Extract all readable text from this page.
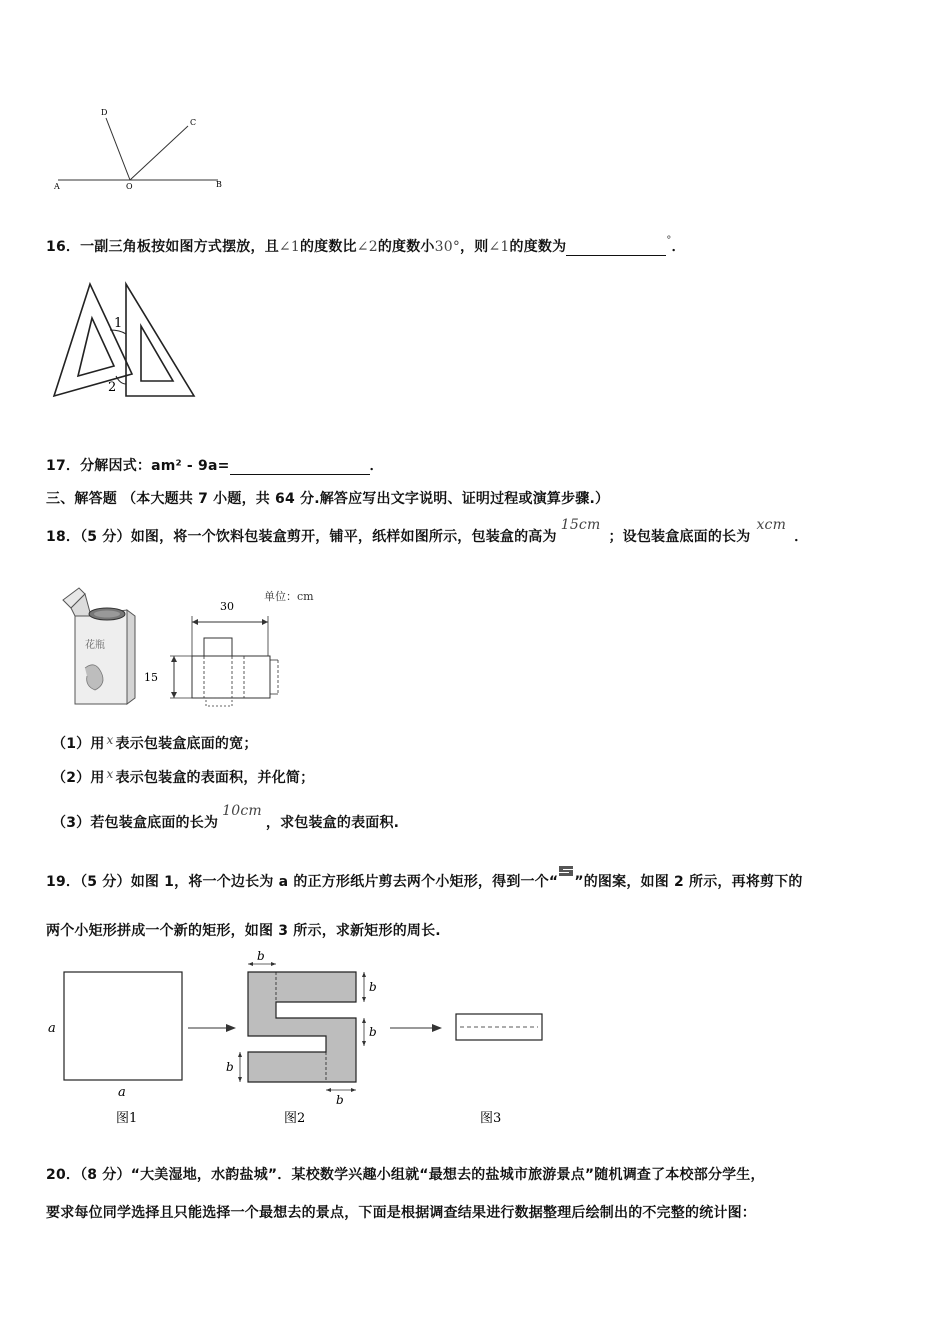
D
C
A	O	B
16．一副三角板按如图方式摆放，且∠1的度数比∠2的度数小30°，则∠1的度数为	°．
1
2
17．分解因式：am² - 9a=	．
三、解答题 （本大题共 7 小题，共 64 分.解答应写出文字说明、证明过程或演算步骤.）
18．（5 分）如图，将一个饮料包装盒剪开，铺平，纸样如图所示，包装盒的高为15cm；设包装盒底面的长为xcm．
花瓶
单位：cm
30
15
（1）用 x 表示包装盒底面的宽；
（2）用 x 表示包装盒的表面积，并化简；
（3）若包装盒底面的长为10cm，求包装盒的表面积.
19．（5 分）如图 1，将一个边长为 a 的正方形纸片剪去两个小矩形，得到一个“ ”的图案，如图 2 所示，再将剪下的
两个小矩形拼成一个新的矩形，如图 3 所示，求新矩形的周长.
a
a
图1
b
b
b
b
b
图2	图3
20．（8 分）“大美湿地，水韵盐城”．某校数学兴趣小组就“最想去的盐城市旅游景点”随机调查了本校部分学生，
要求每位同学选择且只能选择一个最想去的景点，下面是根据调查结果进行数据整理后绘制出的不完整的统计图：
